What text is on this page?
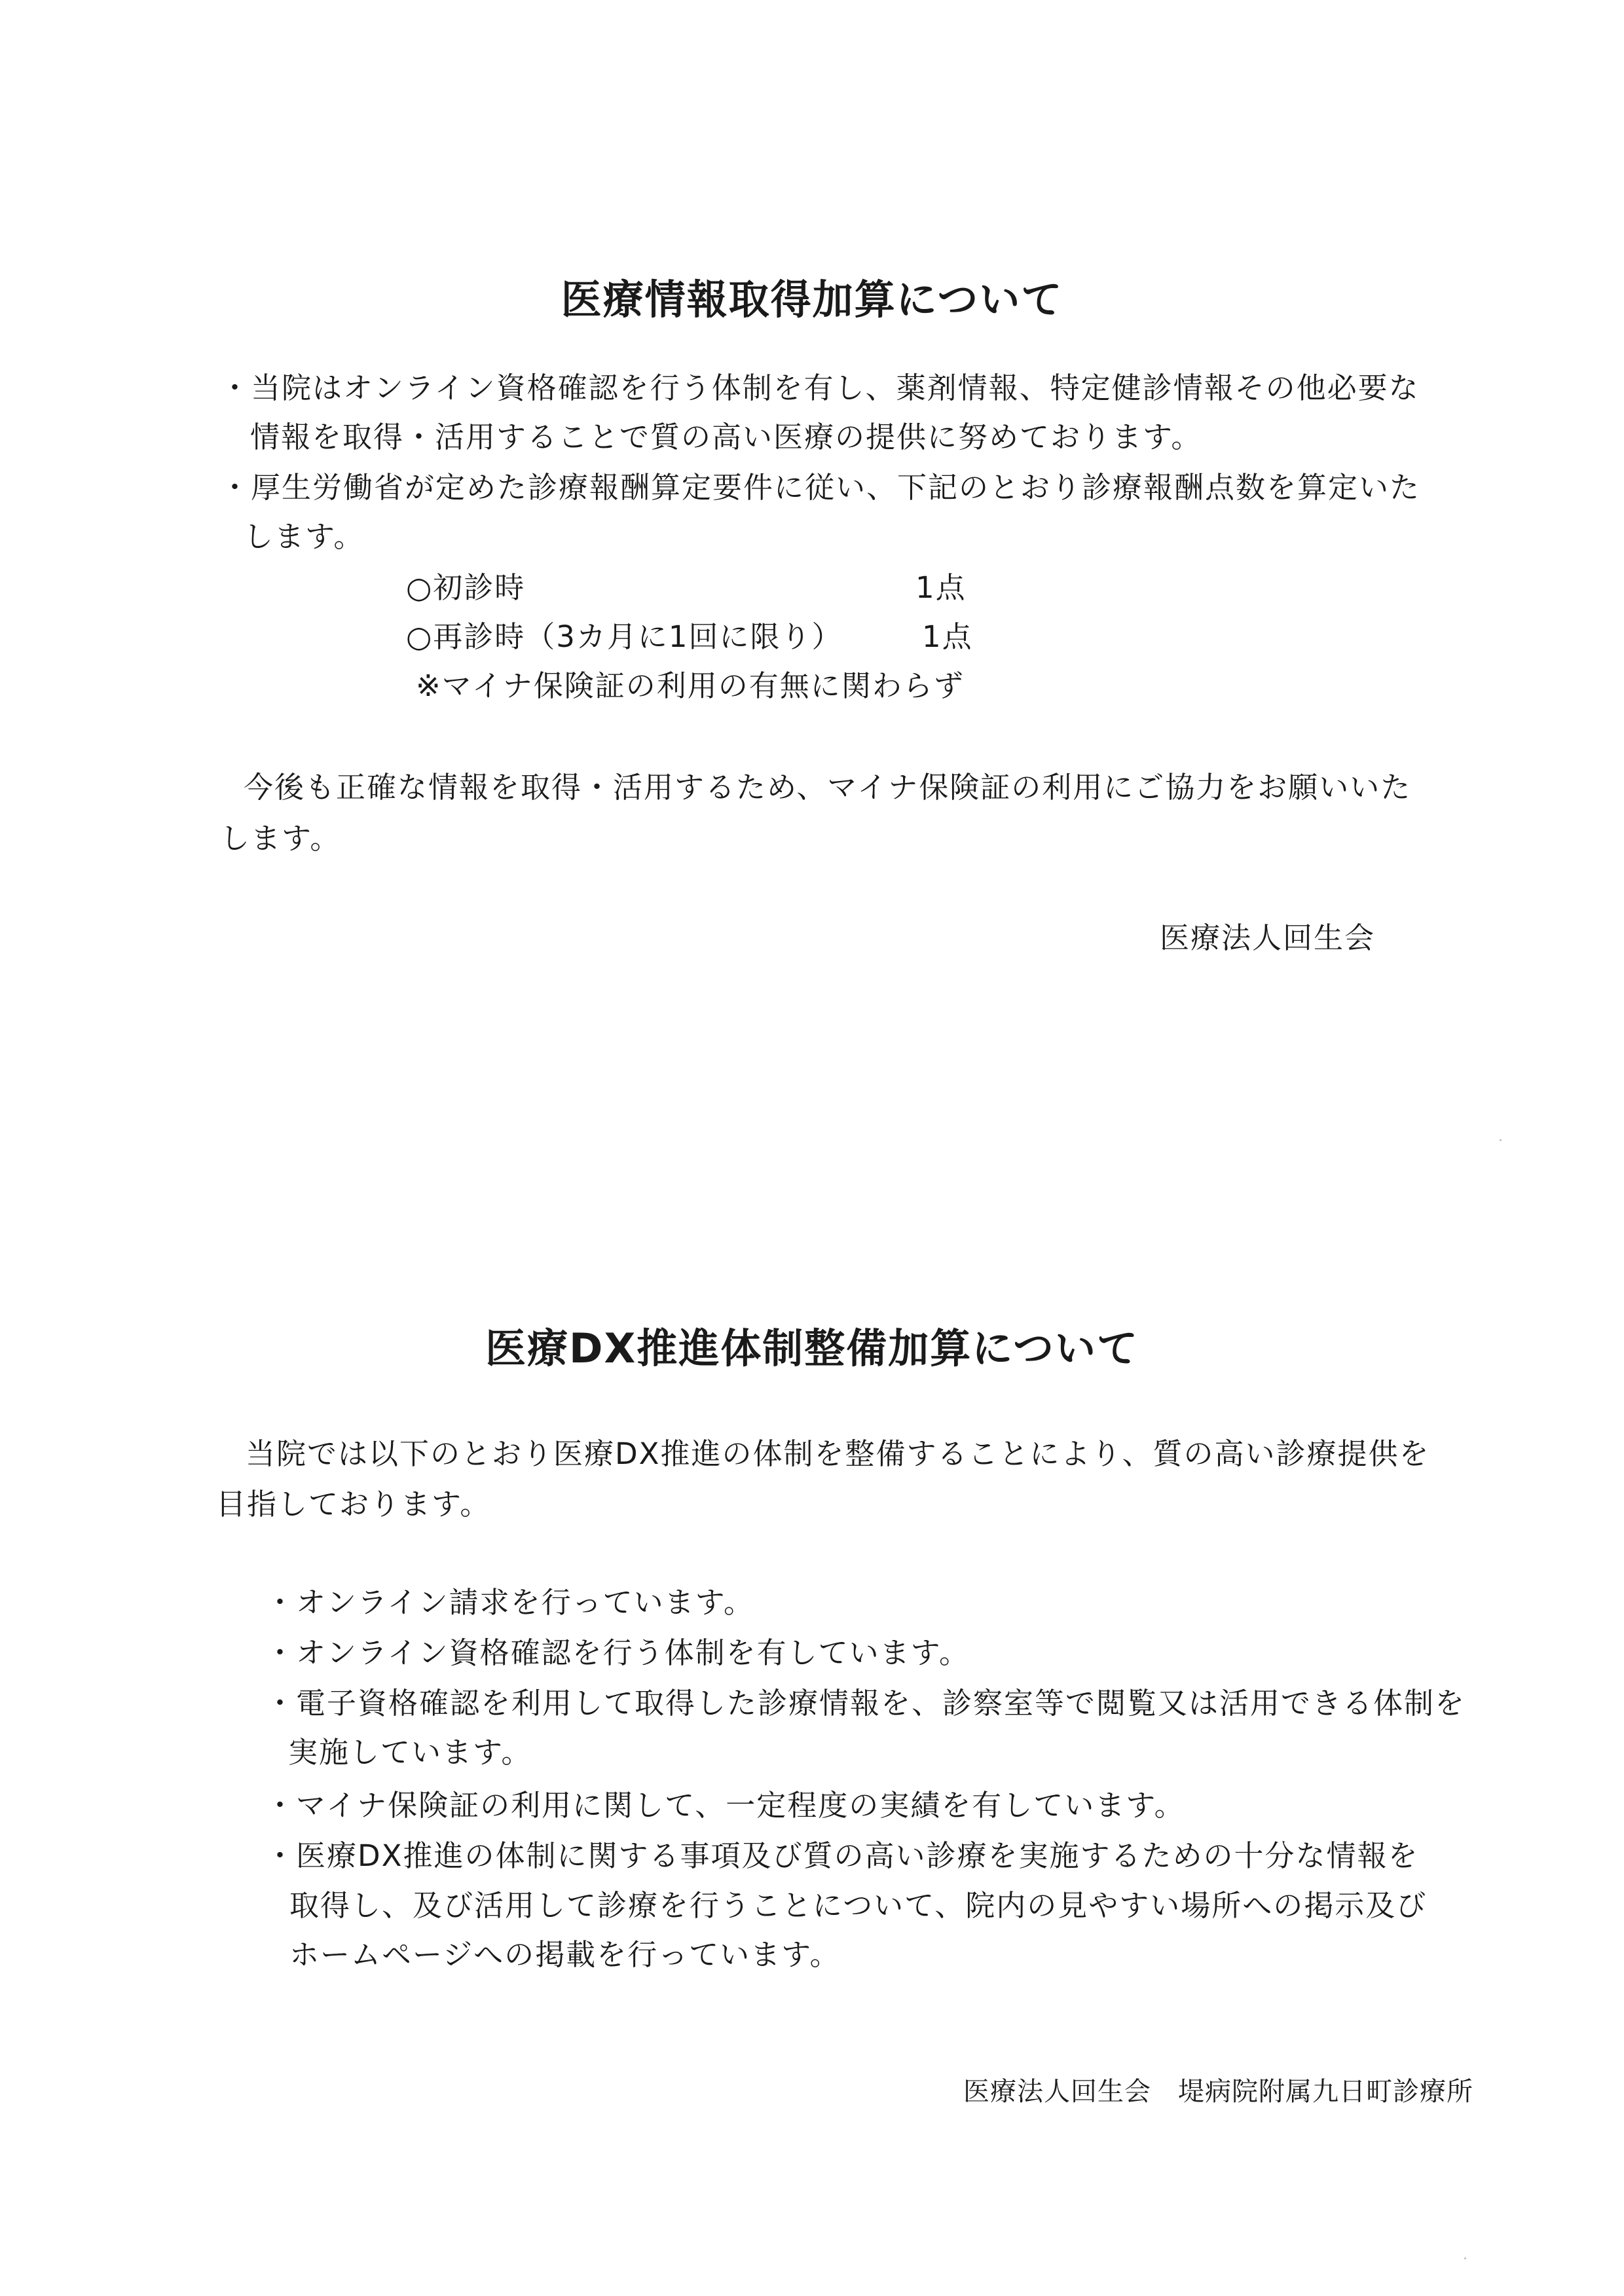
医療情報取得加算について

・当院はオンライン資格確認を行う体制を有し、薬剤情報、特定健診情報その他必要な

情報を取得・活用することで質の高い医療の提供に努めております。

・厚生労働省が定めた診療報酬算定要件に従い、下記のとおり診療報酬点数を算定いた

します。

○初診時	1点

○再診時（3カ月に1回に限り）	1点

※マイナ保険証の利用の有無に関わらず

今後も正確な情報を取得・活用するため、マイナ保険証の利用にご協力をお願いいた

します。

医療法人回生会

医療DX推進体制整備加算について

当院では以下のとおり医療DX推進の体制を整備することにより、質の高い診療提供を

目指しております。

・オンライン請求を行っています。

・オンライン資格確認を行う体制を有しています。

・電子資格確認を利用して取得した診療情報を、診察室等で閲覧又は活用できる体制を

実施しています。

・マイナ保険証の利用に関して、一定程度の実績を有しています。

・医療DX推進の体制に関する事項及び質の高い診療を実施するための十分な情報を

取得し、及び活用して診療を行うことについて、院内の見やすい場所への掲示及び

ホームページへの掲載を行っています。

医療法人回生会　堤病院附属九日町診療所
